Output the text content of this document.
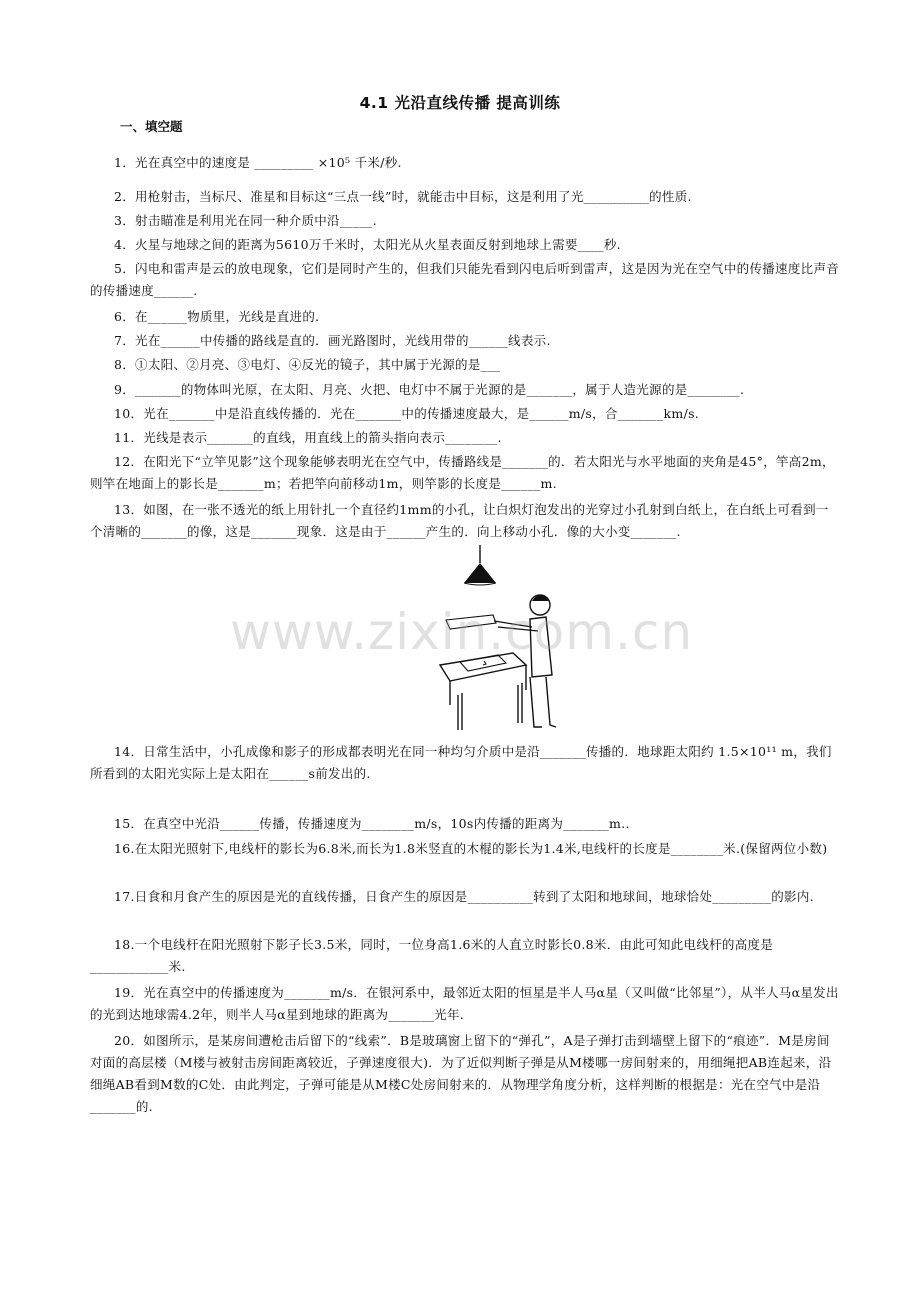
4.1 光沿直线传播 提高训练
一、填空题

1．光在真空中的速度是 _________ ×10⁵ 千米/秒.

2．用枪射击，当标尺、准星和目标这“三点一线”时，就能击中目标，这是利用了光__________的性质.

3．射击瞄准是利用光在同一种介质中沿_____.

4．火星与地球之间的距离为5610万千米时，太阳光从火星表面反射到地球上需要____秒.

5．闪电和雷声是云的放电现象，它们是同时产生的，但我们只能先看到闪电后听到雷声，这是因为光在空气中的传播速度比声音的传播速度______.

6．在______物质里，光线是直进的.

7．光在______中传播的路线是直的．画光路图时，光线用带的______线表示.

8．①太阳、②月亮、③电灯、④反光的镜子，其中属于光源的是___

9．_______的物体叫光原，在太阳、月亮、火把、电灯中不属于光源的是_______，属于人造光源的是________.

10．光在_______中是沿直线传播的．光在_______中的传播速度最大，是______m/s，合_______km/s.

11．光线是表示_______的直线，用直线上的箭头指向表示________.

12．在阳光下“立竿见影”这个现象能够表明光在空气中，传播路线是_______的．若太阳光与水平地面的夹角是45°，竿高2m，则竿在地面上的影长是_______m；若把竿向前移动1m，则竿影的长度是______m.

13．如图，在一张不透光的纸上用针扎一个直径约1mm的小孔，让白炽灯泡发出的光穿过小孔射到白纸上，在白纸上可看到一个清晰的_______的像，这是_______现象．这是由于______产生的．向上移动小孔．像的大小变_______.

www.zixin.com.cn

14．日常生活中，小孔成像和影子的形成都表明光在同一种均匀介质中是沿_______传播的．地球距太阳约 1.5×10¹¹ m，我们所看到的太阳光实际上是太阳在______s前发出的.

15．在真空中光沿______传播，传播速度为________m/s，10s内传播的距离为_______m..

16.在太阳光照射下,电线杆的影长为6.8米,而长为1.8米竖直的木棍的影长为1.4米,电线杆的长度是________米.(保留两位小数)

17.日食和月食产生的原因是光的直线传播，日食产生的原因是__________转到了太阳和地球间，地球恰处_________的影内.

18.一个电线杆在阳光照射下影子长3.5米，同时，一位身高1.6米的人直立时影长0.8米．由此可知此电线杆的高度是____________米.

19．光在真空中的传播速度为_______m/s．在银河系中，最邻近太阳的恒星是半人马α星（又叫做“比邻星”），从半人马α星发出的光到达地球需4.2年，则半人马α星到地球的距离为_______光年.

20．如图所示，是某房间遭枪击后留下的“线索”．B是玻璃窗上留下的“弹孔”，A是子弹打击到墙壁上留下的“痕迹”．M是房间对面的高层楼（M楼与被射击房间距离较近，子弹速度很大)．为了近似判断子弹是从M楼哪一房间射来的，用细绳把AB连起来，沿细绳AB看到M数的C处．由此判定，子弹可能是从M楼C处房间射来的．从物理学角度分析，这样判断的根据是：光在空气中是沿_______的.
